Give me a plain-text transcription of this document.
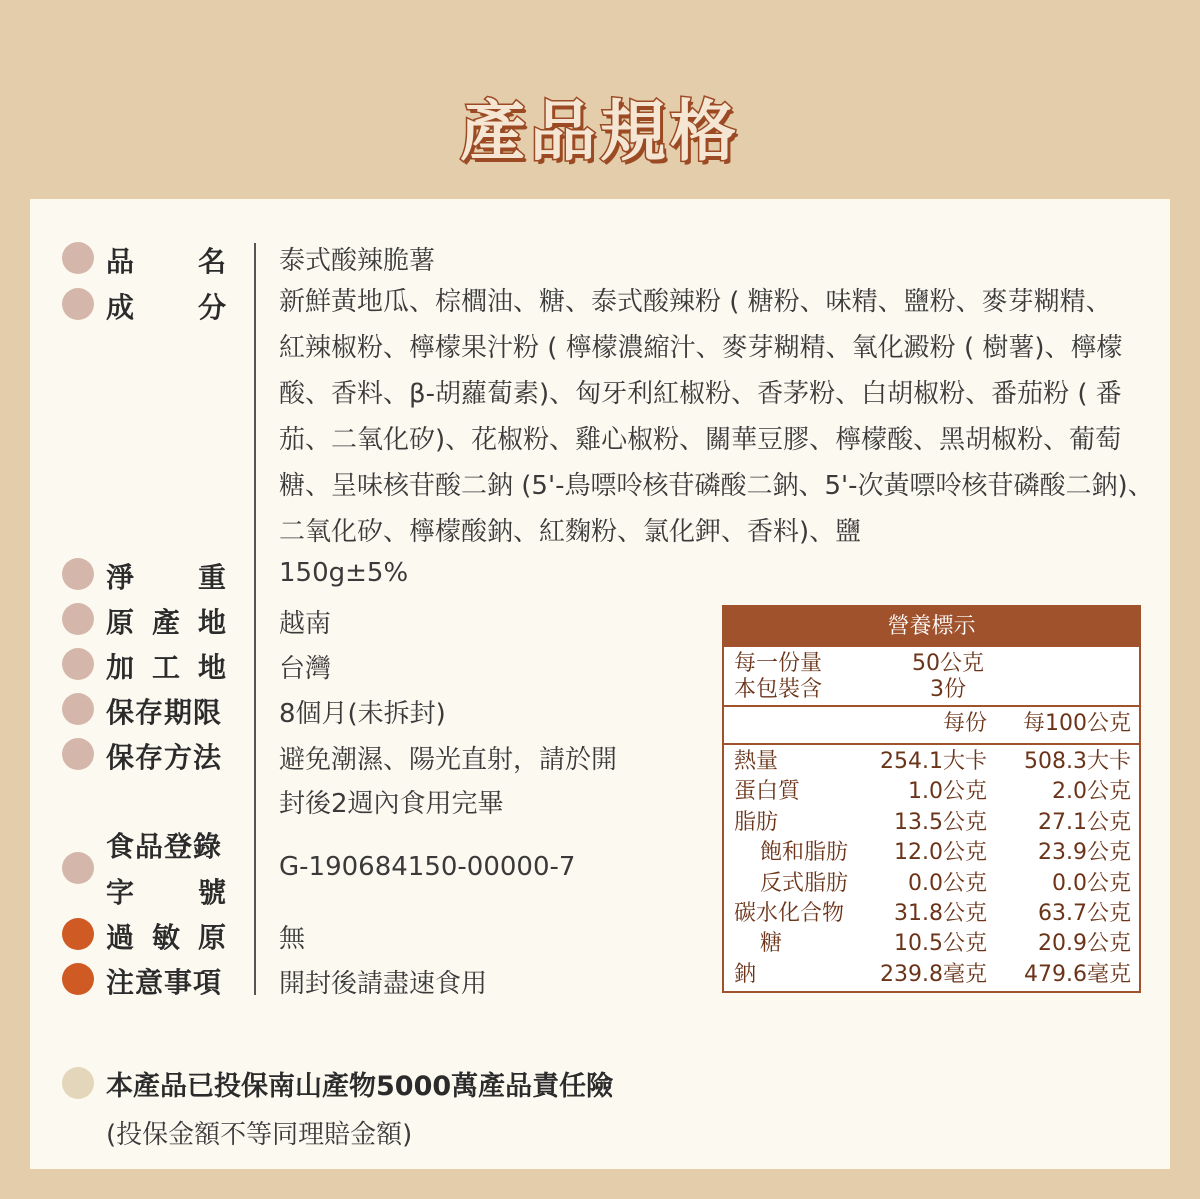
產品規格
品 名 泰式酸辣脆薯
成 分 新鮮黃地瓜、棕櫚油、糖、泰式酸辣粉 ( 糖粉、味精、鹽粉、麥芽糊精、
紅辣椒粉、檸檬果汁粉 ( 檸檬濃縮汁、麥芽糊精、氧化澱粉 ( 樹薯)、檸檬
酸、香料、β-胡蘿蔔素)、匈牙利紅椒粉、香茅粉、白胡椒粉、番茄粉 ( 番
茄、二氧化矽)、花椒粉、雞心椒粉、關華豆膠、檸檬酸、黑胡椒粉、葡萄
糖、呈味核苷酸二鈉 (5'-鳥嘌呤核苷磷酸二鈉、5'-次黃嘌呤核苷磷酸二鈉)、
二氧化矽、檸檬酸鈉、紅麴粉、氯化鉀、香料)、鹽
淨 重 150g±5%
原 產 地 越南
加 工 地 台灣
保存期限 8個月(未拆封)
保存方法 避免潮濕、陽光直射，請於開
封後2週內食用完畢
食品登錄
字 號
G-190684150-00000-7
過 敏 原 無
注意事項 開封後請盡速食用
營養標示
每一份量	50公克
本包裝含	3份
每份 每100公克
熱量	254.1大卡 508.3大卡
蛋白質	1.0公克	2.0公克
脂肪	13.5公克 27.1公克
飽和脂肪 12.0公克 23.9公克
反式脂肪	0.0公克	0.0公克
碳水化合物 31.8公克 63.7公克
糖	10.5公克 20.9公克
鈉	239.8毫克 479.6毫克
本產品已投保南山產物5000萬產品責任險
(投保金額不等同理賠金額)
